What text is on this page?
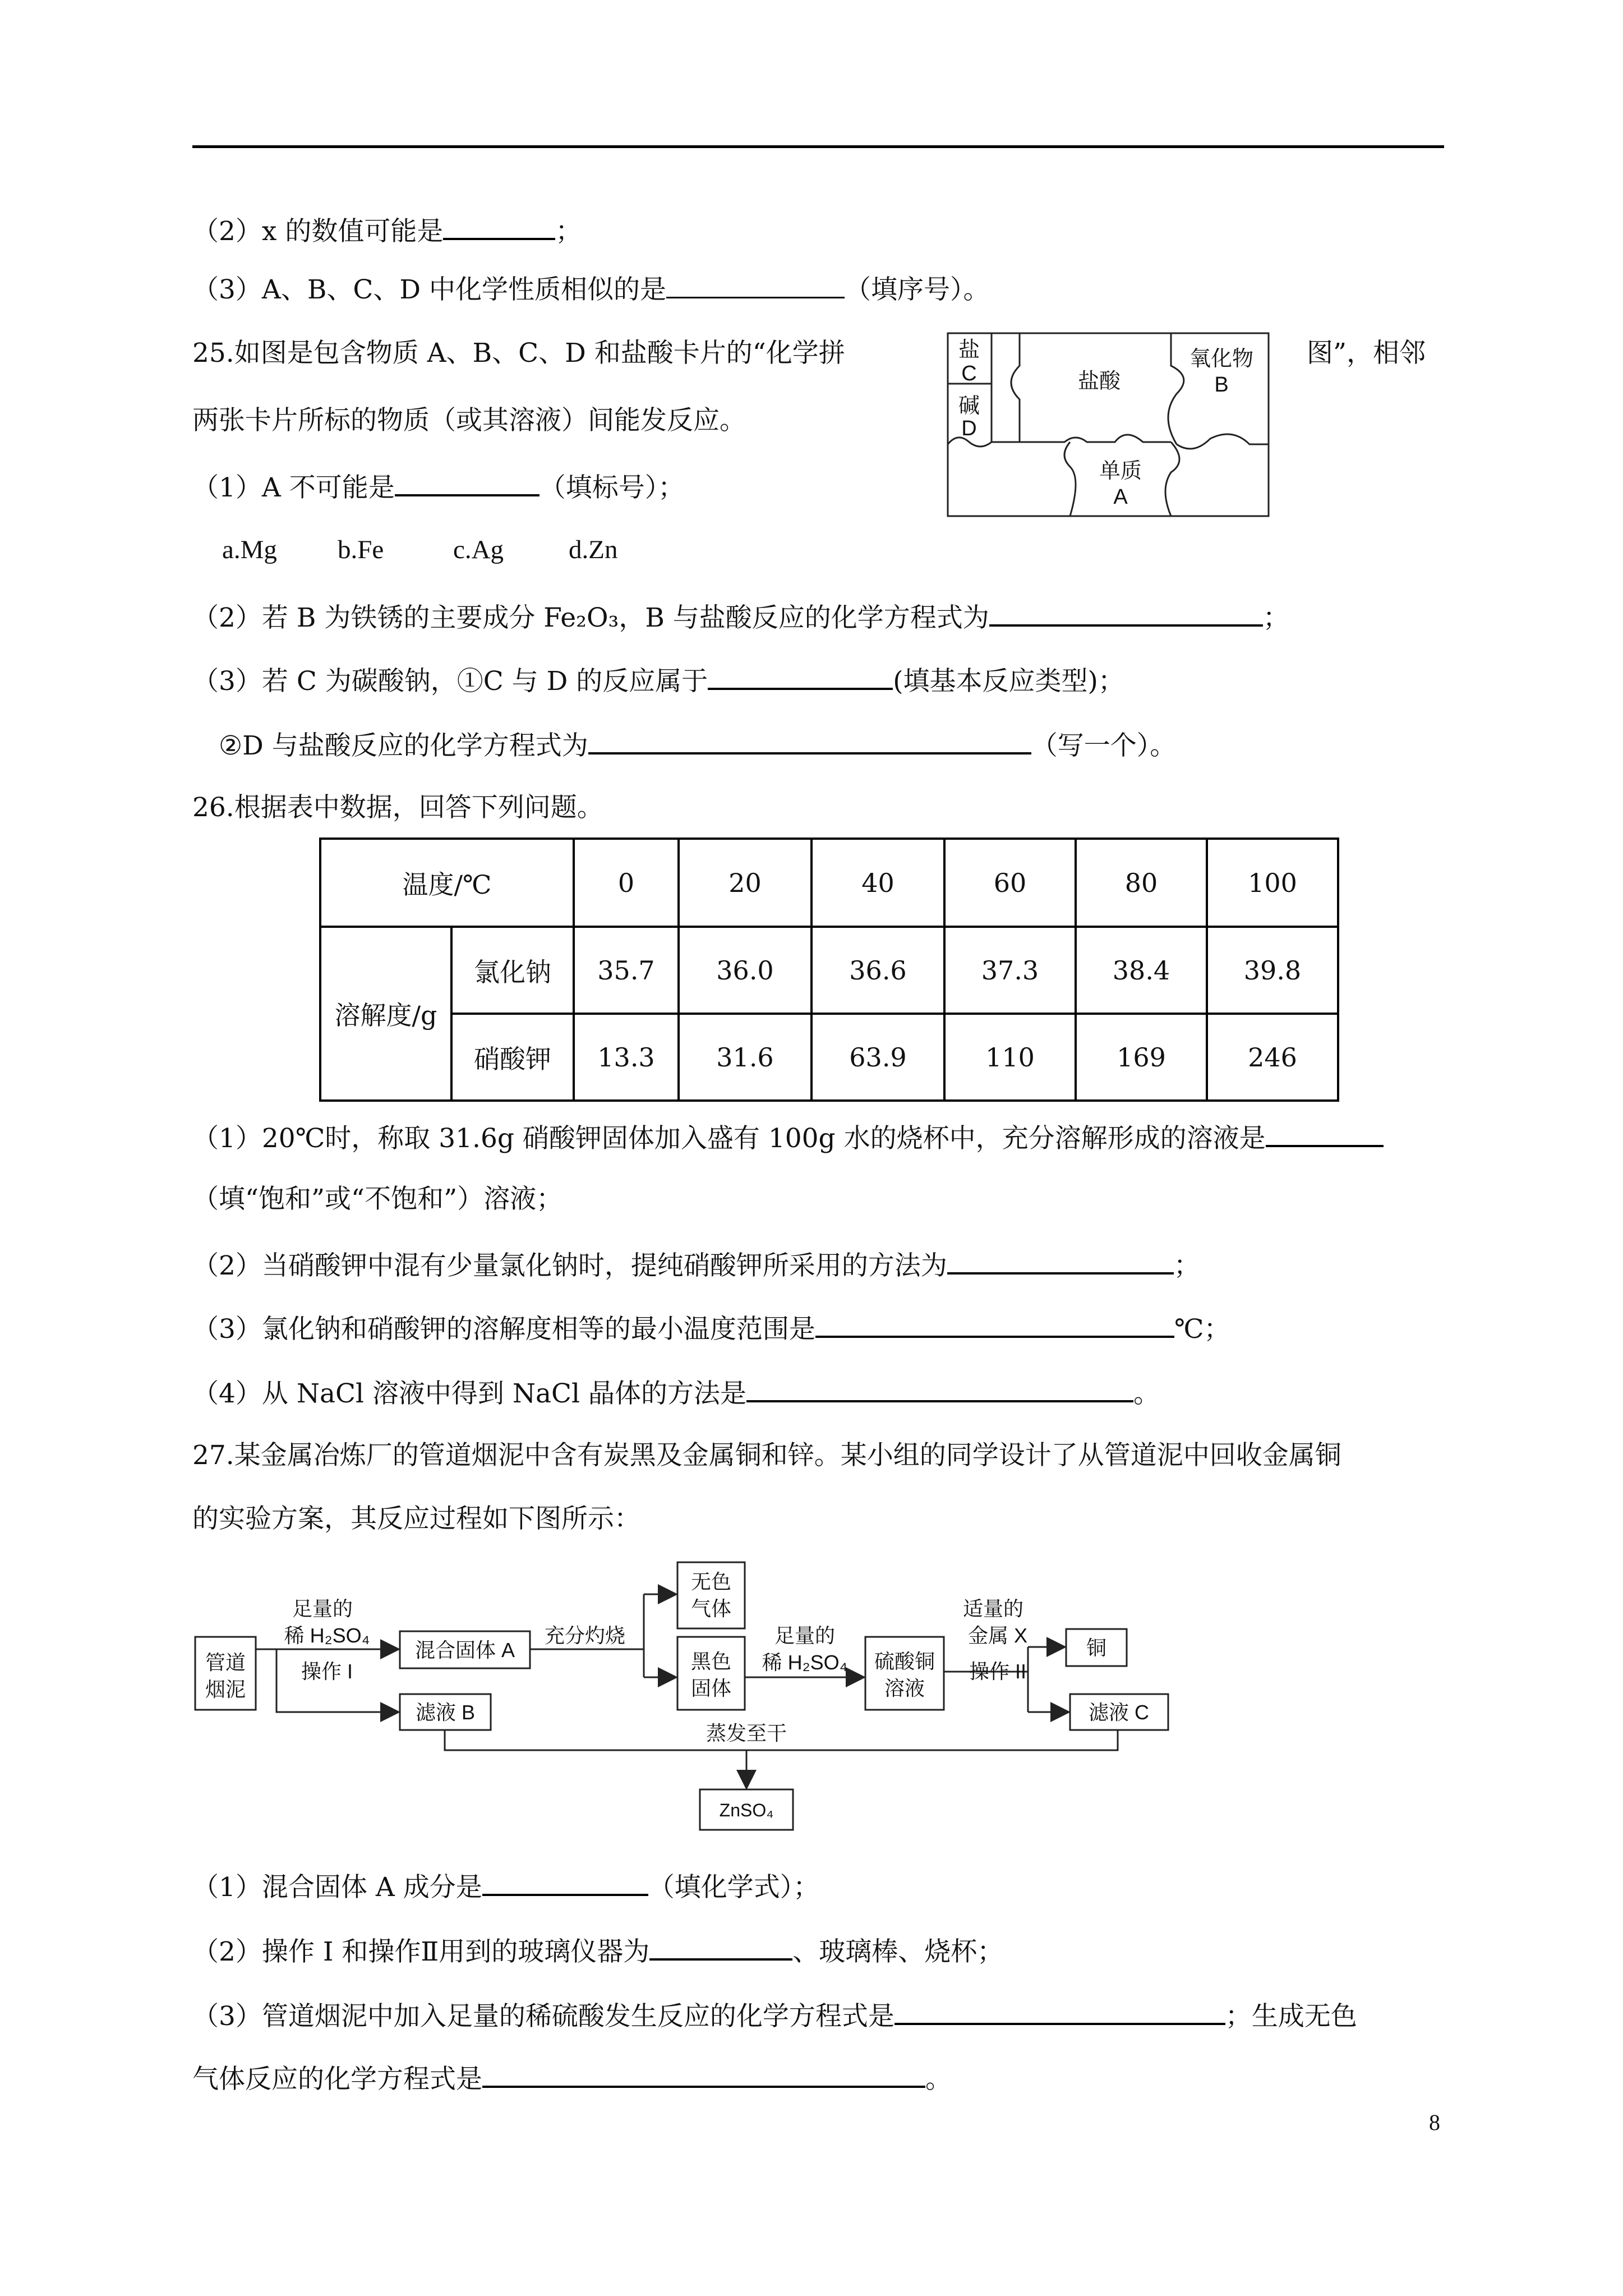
（2）x 的数值可能是	；
（3）A、B、C、D 中化学性质相似的是	（填序号）。
25.如图是包含物质 A、B、C、D 和盐酸卡片的“化学拼	图”，相邻
两张卡片所标的物质（或其溶液）间能发反应。
盐
C
碱
D
盐酸
氧化物
B
单质
A
（1）A 不可能是	（填标号）；
a.Mg b.Fe	c.Ag d.Zn
（2）若 B 为铁锈的主要成分 Fe₂O₃，B 与盐酸反应的化学方程式为	；
（3）若 C 为碳酸钠，①C 与 D 的反应属于	(填基本反应类型)；
②D 与盐酸反应的化学方程式为	（写一个）。
26.根据表中数据，回答下列问题。
温度/℃		0	20	40	60	80	100
溶解度/g	氯化钠	35.7	36.0	36.6	37.3	38.4	39.8
	硝酸钾	13.3	31.6	63.9	110	169	246
（1）20℃时，称取 31.6g 硝酸钾固体加入盛有 100g 水的烧杯中，充分溶解形成的溶液是
（填“饱和”或“不饱和”）溶液；
（2）当硝酸钾中混有少量氯化钠时，提纯硝酸钾所采用的方法为	；
（3）氯化钠和硝酸钾的溶解度相等的最小温度范围是	℃；
（4）从 NaCl 溶液中得到 NaCl 晶体的方法是	。
27.某金属冶炼厂的管道烟泥中含有炭黑及金属铜和锌。某小组的同学设计了从管道泥中回收金属铜
的实验方案，其反应过程如下图所示：
管道
烟泥
足量的
稀 H₂SO₄
操作 I
混合固体 A
充分灼烧
无色
气体
黑色
固体
足量的
稀 H₂SO₄ 硫酸铜
溶液
适量的
金属 X
操作 II
铜
滤液 B	滤液 C
蒸发至干
ZnSO₄
（1）混合固体 A 成分是	（填化学式）；
（2）操作 I 和操作Ⅱ用到的玻璃仪器为	、玻璃棒、烧杯；
（3）管道烟泥中加入足量的稀硫酸发生反应的化学方程式是	；生成无色
气体反应的化学方程式是	。
8
